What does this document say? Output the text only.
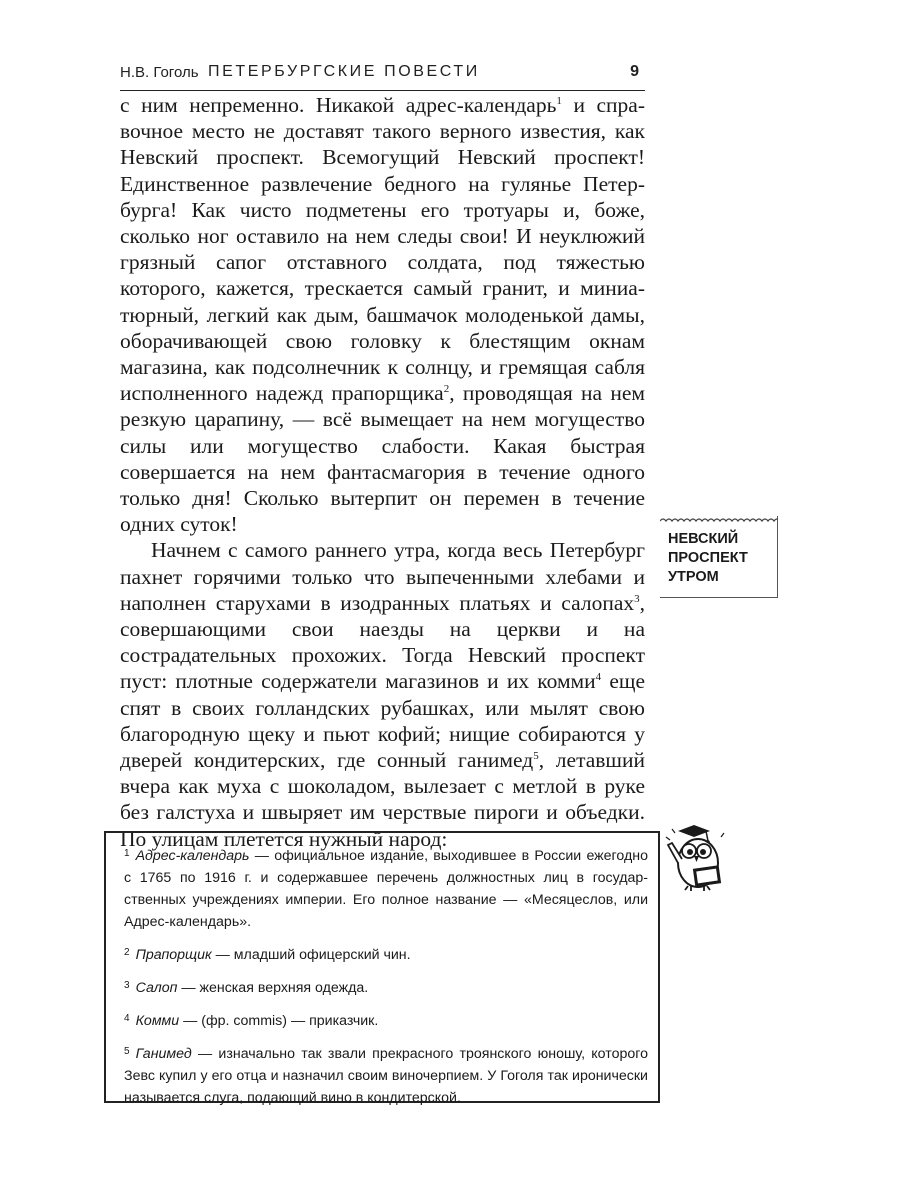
Н.В. Гоголь ПЕТЕРБУРГСКИЕ ПОВЕСТИ	9

с ним непременно. Никакой адрес-календарь$^1$ и справочное место не доставят такого верного известия, как Невский проспект. Всемогущий Невский проспект! Единственное развлечение бедного на гулянье Петербурга! Как чисто подметены его тротуары и, боже, сколько ног оставило на нем следы свои! И неуклюжий грязный сапог отставного солдата, под тяжестью которого, кажется, трескается самый гранит, и миниатюрный, легкий как дым, башмачок молоденькой дамы, оборачивающей свою головку к блестящим окнам магазина, как подсолнечник к солнцу, и гремящая сабля исполненного надежд прапорщика$^2$, проводящая на нем резкую царапину, — всё вымещает на нем могущество силы или могущество слабости. Какая быстрая совершается на нем фантасмагория в течение одного только дня! Сколько вытерпит он перемен в течение одних суток!

Начнем с самого раннего утра, когда весь Петербург пахнет горячими только что выпеченными хлебами и наполнен старухами в изодранных платьях и салопах$^3$, совершающими свои наезды на церкви и на сострадательных прохожих. Тогда Невский проспект пуст: плотные содержатели магазинов и их комми$^4$ еще спят в своих голландских рубашках, или мылят свою благородную щеку и пьют кофий; нищие собираются у дверей кондитерских, где сонный ганимед$^5$, летавший вчера как муха с шоколадом, вылезает с метлой в руке без галстуха и швыряет им черствые пироги и объедки. По улицам плетется нужный народ:

НЕВСКИЙ
ПРОСПЕКТ
УТРОМ

$^1$ Адрес-календарь — официальное издание, выходившее в России ежегодно с 1765 по 1916 г. и содержавшее перечень должностных лиц в государственных учреждениях империи. Его полное название — «Месяцеслов, или Адрес-календарь».

$^2$ Прапорщик — младший офицерский чин.

$^3$ Салоп — женская верхняя одежда.

$^4$ Комми — (фр. commis) — приказчик.

$^5$ Ганимед — изначально так звали прекрасного троянского юношу, которого Зевс купил у его отца и назначил своим виночерпием. У Гоголя так иронически называется слуга, подающий вино в кондитерской.
